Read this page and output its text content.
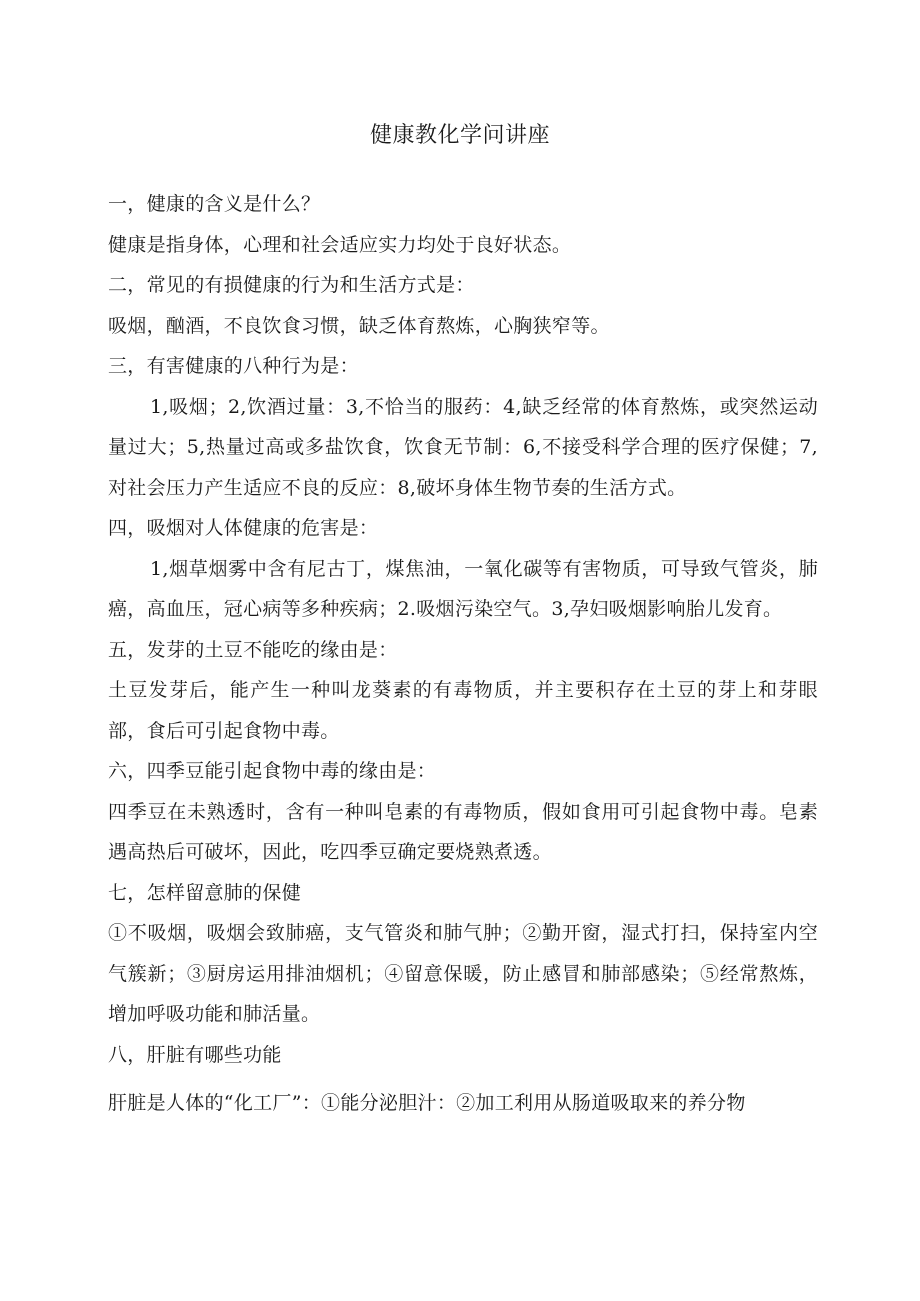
健康教化学问讲座

一，健康的含义是什么？

健康是指身体，心理和社会适应实力均处于良好状态。

二，常见的有损健康的行为和生活方式是：

吸烟，酗酒，不良饮食习惯，缺乏体育熬炼，心胸狭窄等。

三，有害健康的八种行为是：

1,吸烟；2,饮酒过量：3,不恰当的服药：4,缺乏经常的体育熬炼，或突然运动量过大；5,热量过高或多盐饮食，饮食无节制：6,不接受科学合理的医疗保健；7,对社会压力产生适应不良的反应：8,破坏身体生物节奏的生活方式。

四，吸烟对人体健康的危害是：

1,烟草烟雾中含有尼古丁，煤焦油，一氧化碳等有害物质，可导致气管炎，肺癌，高血压，冠心病等多种疾病；2.吸烟污染空气。3,孕妇吸烟影响胎儿发育。

五，发芽的土豆不能吃的缘由是：

土豆发芽后，能产生一种叫龙葵素的有毒物质，并主要积存在土豆的芽上和芽眼部，食后可引起食物中毒。

六，四季豆能引起食物中毒的缘由是：

四季豆在未熟透时，含有一种叫皂素的有毒物质，假如食用可引起食物中毒。皂素遇高热后可破坏，因此，吃四季豆确定要烧熟煮透。

七，怎样留意肺的保健

①不吸烟，吸烟会致肺癌，支气管炎和肺气肿；②勤开窗，湿式打扫，保持室内空气簇新；③厨房运用排油烟机；④留意保暖，防止感冒和肺部感染；⑤经常熬炼，增加呼吸功能和肺活量。

八，肝脏有哪些功能

肝脏是人体的“化工厂”：①能分泌胆汁：②加工利用从肠道吸取来的养分物
